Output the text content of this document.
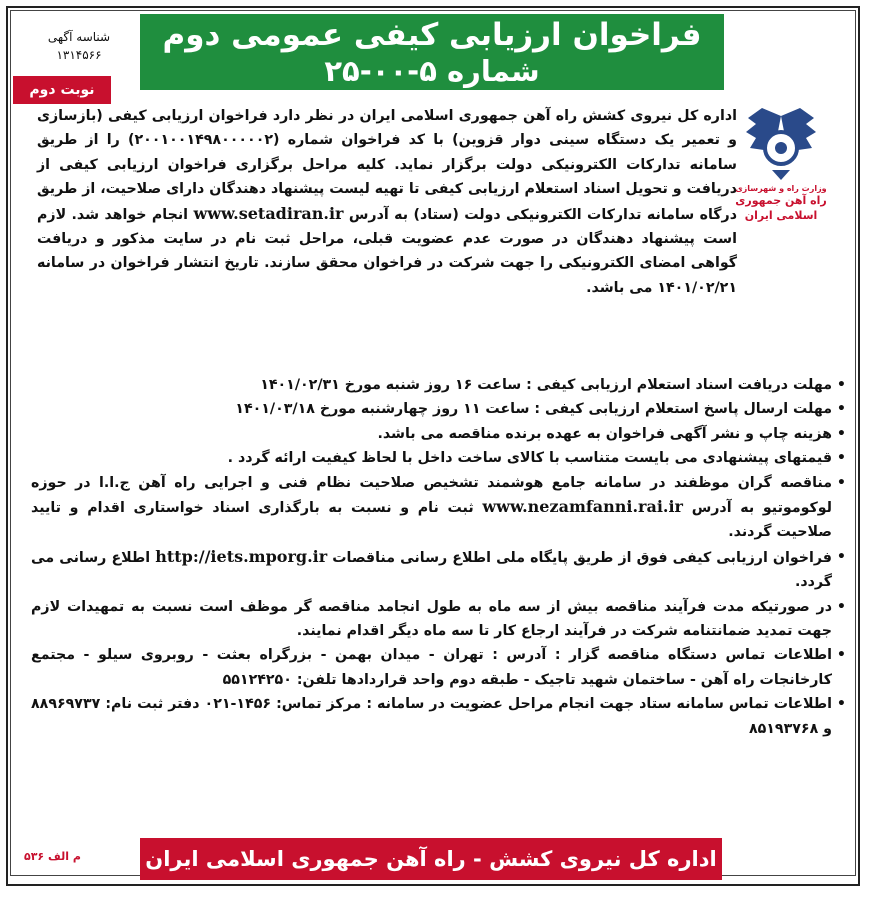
شناسه آگهی
۱۳۱۴۵۶۶
فراخوان ارزیابی کیفی عمومی دوم
شماره ۵-۰۰-۲۵
نوبت دوم
وزارت راه و شهرسازی
راه آهن جمهوری
اسلامی ایران
اداره کل نیروی کشش راه آهن جمهوری اسلامی ایران در نظر دارد فراخوان ارزیابی کیفی (بازسازی و تعمیر یک دستگاه سینی دوار قزوین) با کد فراخوان شماره (۲۰۰۱۰۰۱۴۹۸۰۰۰۰۰۲) را از طریق سامانه تدارکات الکترونیکی دولت برگزار نماید. کلیه مراحل برگزاری فراخوان ارزیابی کیفی از دریافت و تحویل اسناد استعلام ارزیابی کیفی تا تهیه لیست پیشنهاد دهندگان دارای صلاحیت، از طریق درگاه سامانه تدارکات الکترونیکی دولت (ستاد) به آدرس www.setadiran.ir انجام خواهد شد. لازم است پیشنهاد دهندگان در صورت عدم عضویت قبلی، مراحل ثبت نام در سایت مذکور و دریافت گواهی امضای الکترونیکی را جهت شرکت در فراخوان محقق سازند. تاریخ انتشار فراخوان در سامانه ۱۴۰۱/۰۲/۲۱ می باشد.
• مهلت دریافت اسناد استعلام ارزیابی کیفی : ساعت ۱۶ روز شنبه مورخ ۱۴۰۱/۰۲/۳۱
• مهلت ارسال پاسخ استعلام ارزیابی کیفی : ساعت ۱۱ روز چهارشنبه مورخ ۱۴۰۱/۰۳/۱۸
• هزینه چاپ و نشر آگهی فراخوان به عهده برنده مناقصه می باشد.
• قیمتهای پیشنهادی می بایست متناسب با کالای ساخت داخل با لحاظ کیفیت ارائه گردد .
• مناقصه گران موظفند در سامانه جامع هوشمند تشخیص صلاحیت نظام فنی و اجرایی راه آهن ج.ا.ا در حوزه لوکوموتیو به آدرس www.nezamfanni.rai.ir ثبت نام و نسبت به بارگذاری اسناد خواستاری اقدام و تایید صلاحیت گردند.
• فراخوان ارزیابی کیفی فوق از طریق پایگاه ملی اطلاع رسانی مناقصات http://iets.mporg.ir اطلاع رسانی می گردد.
• در صورتیکه مدت فرآیند مناقصه بیش از سه ماه به طول انجامد مناقصه گر موظف است نسبت به تمهیدات لازم جهت تمدید ضمانتنامه شرکت در فرآیند ارجاع کار تا سه ماه دیگر اقدام نمایند.
• اطلاعات تماس دستگاه مناقصه گزار : آدرس : تهران - میدان بهمن - بزرگراه بعثت - روبروی سیلو - مجتمع کارخانجات راه آهن - ساختمان شهید تاجیک - طبقه دوم واحد قراردادها تلفن: ۵۵۱۲۴۲۵۰
• اطلاعات تماس سامانه ستاد جهت انجام مراحل عضویت در سامانه : مرکز تماس: ۱۴۵۶-۰۲۱ دفتر ثبت نام: ۸۸۹۶۹۷۳۷ و ۸۵۱۹۳۷۶۸
م الف ۵۳۶	اداره کل نیروی کشش - راه آهن جمهوری اسلامی ایران
